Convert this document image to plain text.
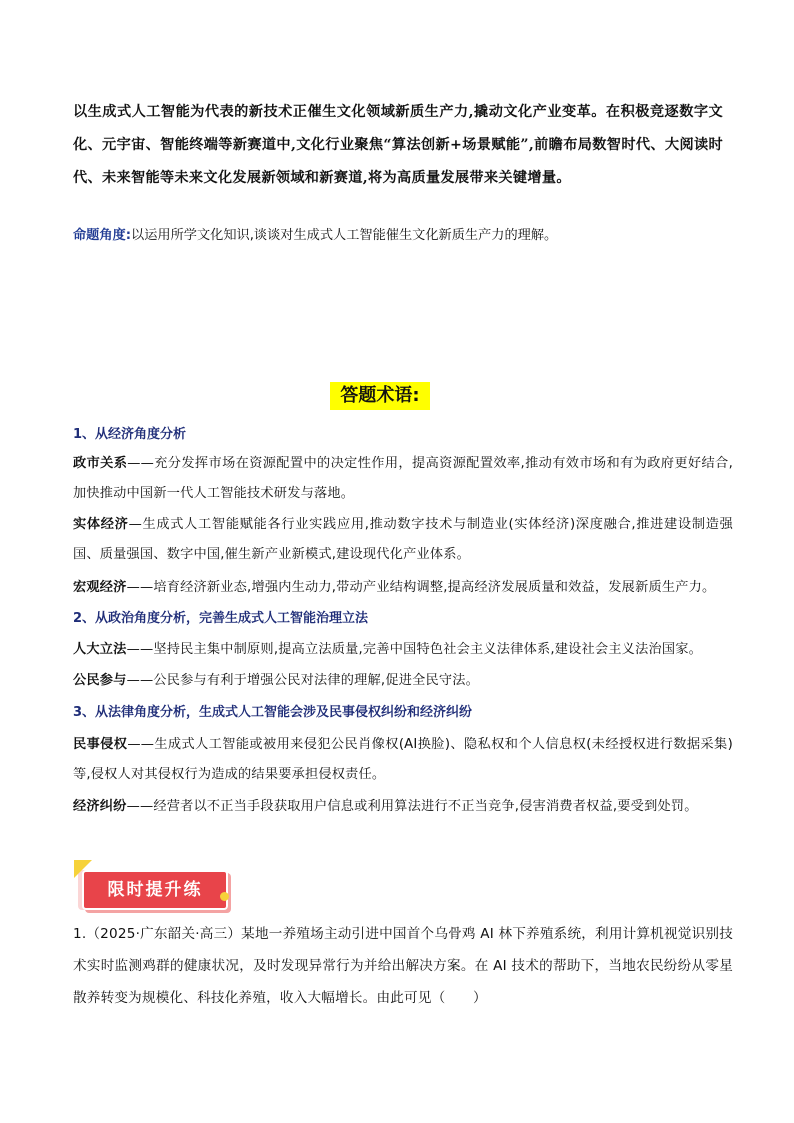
以生成式人工智能为代表的新技术正催生文化领域新质生产力,撬动文化产业变革。在积极竞逐数字文化、元宇宙、智能终端等新赛道中,文化行业聚焦“算法创新+场景赋能”,前瞻布局数智时代、大阅读时代、未来智能等未来文化发展新领域和新赛道,将为高质量发展带来关键增量。

命题角度:以运用所学文化知识,谈谈对生成式人工智能催生文化新质生产力的理解。

答题术语:

1、从经济角度分析

政市关系——充分发挥市场在资源配置中的决定性作用，提高资源配置效率,推动有效市场和有为政府更好结合,加快推动中国新一代人工智能技术研发与落地。

实体经济—生成式人工智能赋能各行业实践应用,推动数字技术与制造业(实体经济)深度融合,推进建设制造强国、质量强国、数字中国,催生新产业新模式,建设现代化产业体系。

宏观经济——培育经济新业态,增强内生动力,带动产业结构调整,提高经济发展质量和效益，发展新质生产力。

2、从政治角度分析，完善生成式人工智能治理立法

人大立法——坚持民主集中制原则,提高立法质量,完善中国特色社会主义法律体系,建设社会主义法治国家。

公民参与——公民参与有利于增强公民对法律的理解,促进全民守法。

3、从法律角度分析，生成式人工智能会涉及民事侵权纠纷和经济纠纷

民事侵权——生成式人工智能或被用来侵犯公民肖像权(AI换脸)、隐私权和个人信息权(未经授权进行数据采集)等,侵权人对其侵权行为造成的结果要承担侵权责任。

经济纠纷——经营者以不正当手段获取用户信息或利用算法进行不正当竞争,侵害消费者权益,要受到处罚。

限时提升练

1.（2025·广东韶关·高三）某地一养殖场主动引进中国首个乌骨鸡 AI 林下养殖系统，利用计算机视觉识别技术实时监测鸡群的健康状况，及时发现异常行为并给出解决方案。在 AI 技术的帮助下，当地农民纷纷从零星散养转变为规模化、科技化养殖，收入大幅增长。由此可见（　　）
